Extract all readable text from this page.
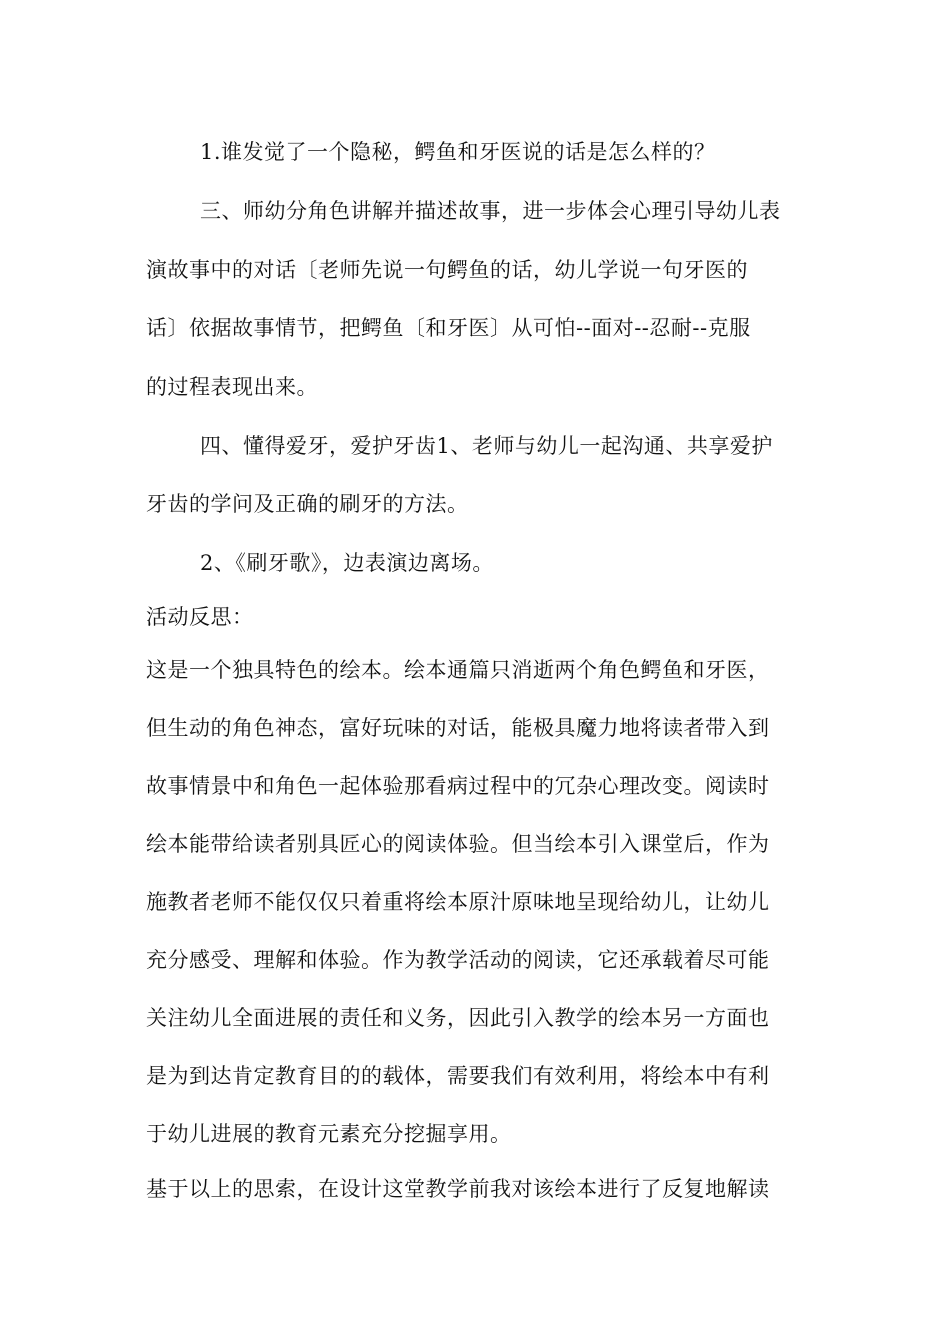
1.谁发觉了一个隐秘，鳄鱼和牙医说的话是怎么样的？
三、师幼分角色讲解并描述故事，进一步体会心理引导幼儿表
演故事中的对话〔老师先说一句鳄鱼的话，幼儿学说一句牙医的
话〕依据故事情节，把鳄鱼〔和牙医〕从可怕--面对--忍耐--克服
的过程表现出来。
四、懂得爱牙，爱护牙齿1、老师与幼儿一起沟通、共享爱护
牙齿的学问及正确的刷牙的方法。
2、《刷牙歌》，边表演边离场。
活动反思：
这是一个独具特色的绘本。绘本通篇只消逝两个角色鳄鱼和牙医，
但生动的角色神态，富好玩味的对话，能极具魔力地将读者带入到
故事情景中和角色一起体验那看病过程中的冗杂心理改变。阅读时
绘本能带给读者别具匠心的阅读体验。但当绘本引入课堂后，作为
施教者老师不能仅仅只着重将绘本原汁原味地呈现给幼儿，让幼儿
充分感受、理解和体验。作为教学活动的阅读，它还承载着尽可能
关注幼儿全面进展的责任和义务，因此引入教学的绘本另一方面也
是为到达肯定教育目的的载体，需要我们有效利用，将绘本中有利
于幼儿进展的教育元素充分挖掘享用。
基于以上的思索，在设计这堂教学前我对该绘本进行了反复地解读
